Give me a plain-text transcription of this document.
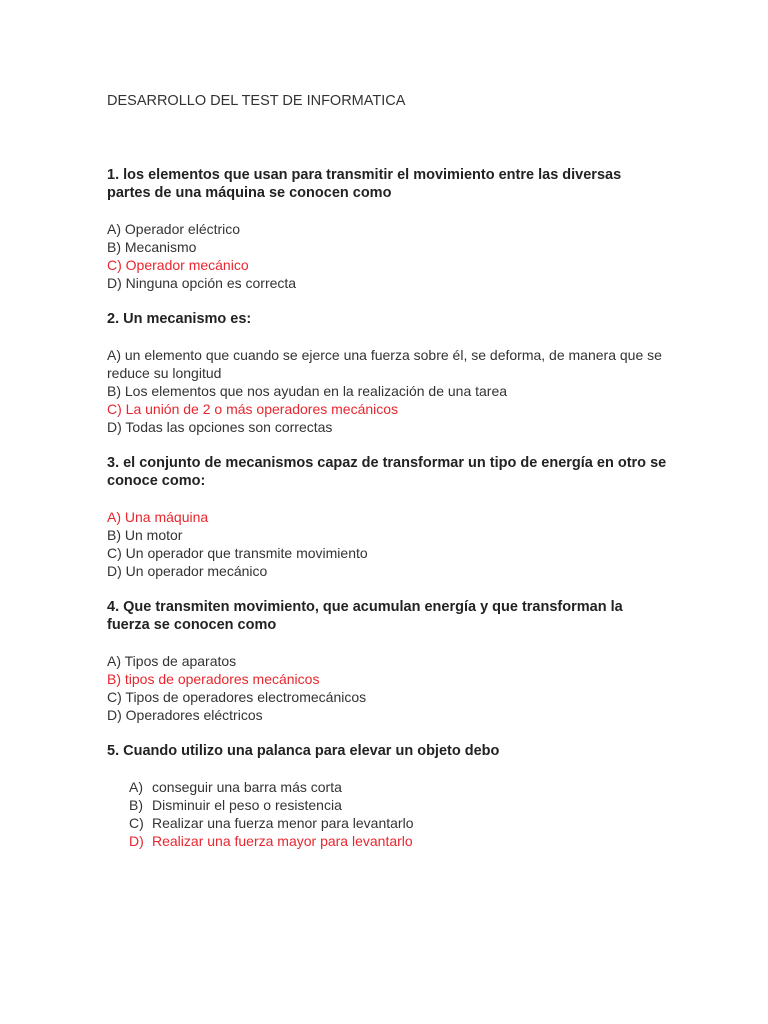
DESARROLLO DEL TEST DE INFORMATICA

1. los elementos que usan para transmitir el movimiento entre las diversas partes de una máquina se conocen como

A) Operador eléctrico
B) Mecanismo
C) Operador mecánico
D) Ninguna opción es correcta

2. Un mecanismo es:

A) un elemento que cuando se ejerce una fuerza sobre él, se deforma, de manera que se reduce su longitud
B) Los elementos que nos ayudan en la realización de una tarea
C) La unión de 2 o más operadores mecánicos
D) Todas las opciones son correctas

3. el conjunto de mecanismos capaz de transformar un tipo de energía en otro se conoce como:

A) Una máquina
B) Un motor
C) Un operador que transmite movimiento
D) Un operador mecánico

4. Que transmiten movimiento, que acumulan energía y que transforman la fuerza se conocen como

A) Tipos de aparatos
B) tipos de operadores mecánicos
C) Tipos de operadores electromecánicos
D) Operadores eléctricos

5. Cuando utilizo una palanca para elevar un objeto debo

A) conseguir una barra más corta
B) Disminuir el peso o resistencia
C) Realizar una fuerza menor para levantarlo
D) Realizar una fuerza mayor para levantarlo
